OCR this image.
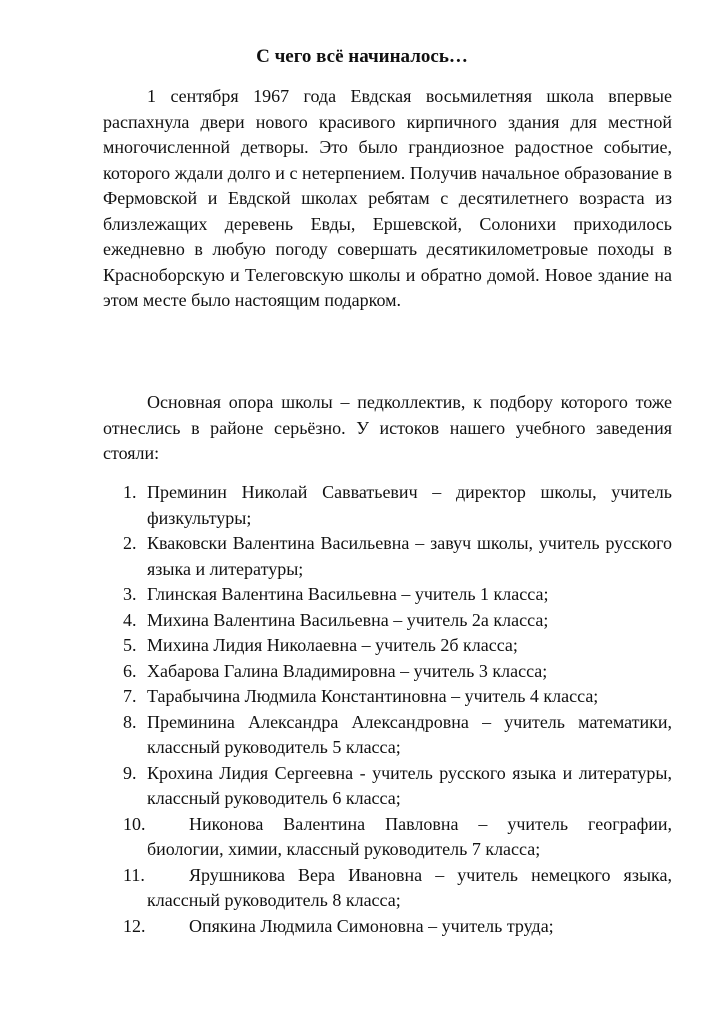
С чего всё начиналось…

1 сентября 1967 года Евдская восьмилетняя школа впервые распахнула двери нового красивого кирпичного здания для местной многочисленной детворы. Это было грандиозное радостное событие, которого ждали долго и с нетерпением. Получив начальное образование в Фермовской и Евдской школах ребятам с десятилетнего возраста из близлежащих деревень Евды, Ершевской, Солонихи приходилось ежедневно в любую погоду совершать десятикилометровые походы в Красноборскую и Телеговскую школы и обратно домой. Новое здание на этом месте было настоящим подарком.

Основная опора школы – педколлектив, к подбору которого тоже отнеслись в районе серьёзно. У истоков нашего учебного заведения стояли:

1. Преминин Николай Савватьевич – директор школы, учитель физкультуры;
2. Кваковски Валентина Васильевна – завуч школы, учитель русского языка и литературы;
3. Глинская Валентина Васильевна – учитель 1 класса;
4. Михина Валентина Васильевна – учитель 2а класса;
5. Михина Лидия Николаевна – учитель 2б класса;
6. Хабарова Галина Владимировна – учитель 3 класса;
7. Тарабычина Людмила Константиновна – учитель 4 класса;
8. Преминина Александра Александровна – учитель математики, классный руководитель 5 класса;
9. Крохина Лидия Сергеевна - учитель русского языка и литературы, классный руководитель 6 класса;
10.	Никонова Валентина Павловна – учитель географии, биологии, химии, классный руководитель 7 класса;
11.	Ярушникова Вера Ивановна – учитель немецкого языка, классный руководитель 8 класса;
12.	Опякина Людмила Симоновна – учитель труда;
